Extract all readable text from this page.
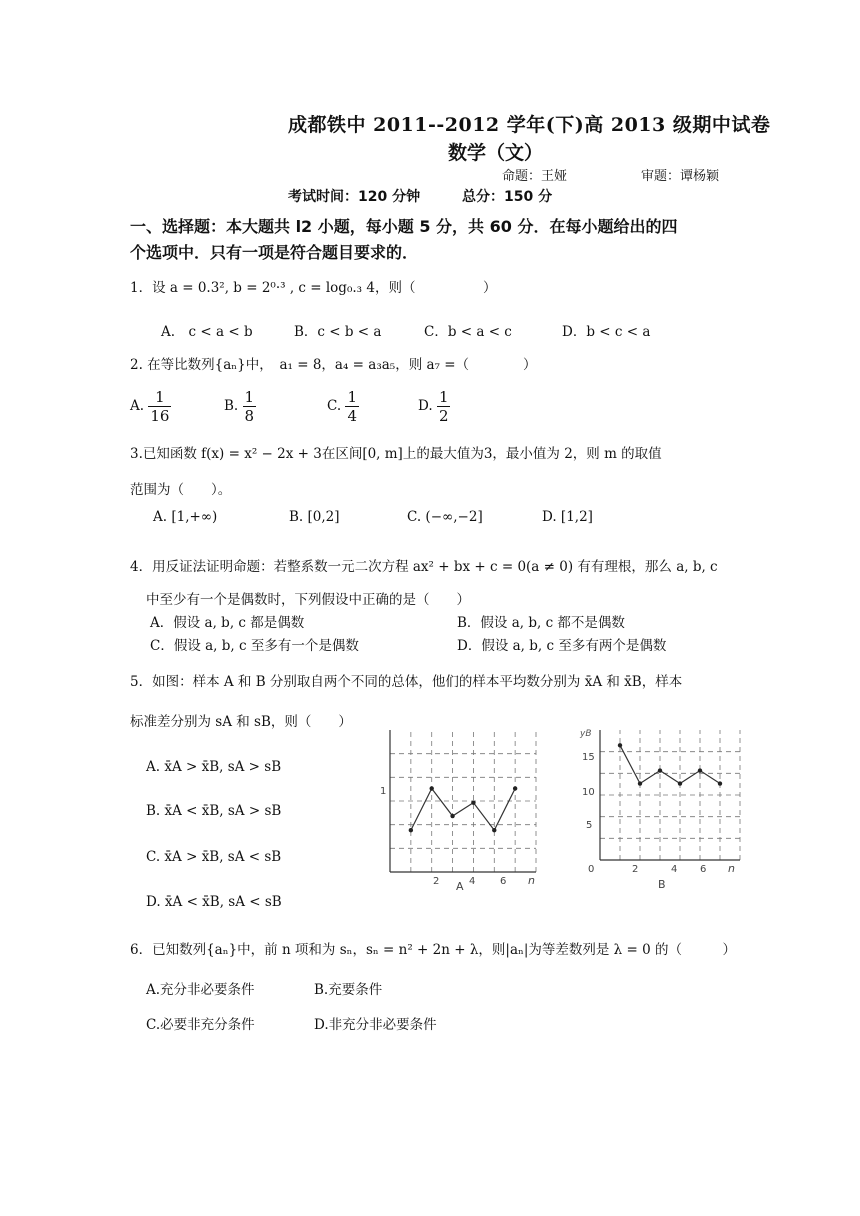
成都铁中 2011--2012 学年(下)高 2013 级期中试卷
数学（文）
命题：王娅	审题：谭杨颖
考试时间：120 分钟	总分：150 分
一、选择题：本大题共 l2 小题，每小题 5 分，共 60 分．在每小题给出的四
个选项中．只有一项是符合题目要求的．
1．设 a = 0.3², b = 2⁰·³ , c = log₀.₃ 4，则（　　　　　）
A.　c < a < b	B．c < b < a	C．b < a < c	D．b < c < a
2. 在等比数列{aₙ}中，　a₁ = 8，a₄ = a₃a₅，则 a₇ =（　　　　）
A. $\frac{1}{16}$	B. $\frac{1}{8}$	C. $\frac{1}{4}$	D. $\frac{1}{2}$
3.已知函数 f(x) = x² − 2x + 3在区间[0, m]上的最大值为3，最小值为 2，则 m 的取值
范围为（　　）。
A. [1,+∞)	B. [0,2]	C. (−∞,−2]	D. [1,2]
4．用反证法证明命题：若整系数一元二次方程 ax² + bx + c = 0(a ≠ 0) 有有理根，那么 a, b, c
中至少有一个是偶数时，下列假设中正确的是（　　）
A．假设 a, b, c 都是偶数	B．假设 a, b, c 都不是偶数
C．假设 a, b, c 至多有一个是偶数	D．假设 a, b, c 至多有两个是偶数
5．如图：样本 A 和 B 分别取自两个不同的总体，他们的样本平均数分别为 x̄A 和 x̄B，样本
标准差分别为 sA 和 sB，则（　　）
A. x̄A > x̄B, sA > sB
B. x̄A < x̄B, sA > sB
C. x̄A > x̄B, sA < sB
D. x̄A < x̄B, sA < sB
1
2	4 6 n
A
yB
15
10
5
0	2	4 6 n
B
6．已知数列{aₙ}中，前 n 项和为 sₙ，sₙ = n² + 2n + λ，则|aₙ|为等差数列是 λ = 0 的（　　　）
A.充分非必要条件	B.充要条件
C.必要非充分条件	D.非充分非必要条件
